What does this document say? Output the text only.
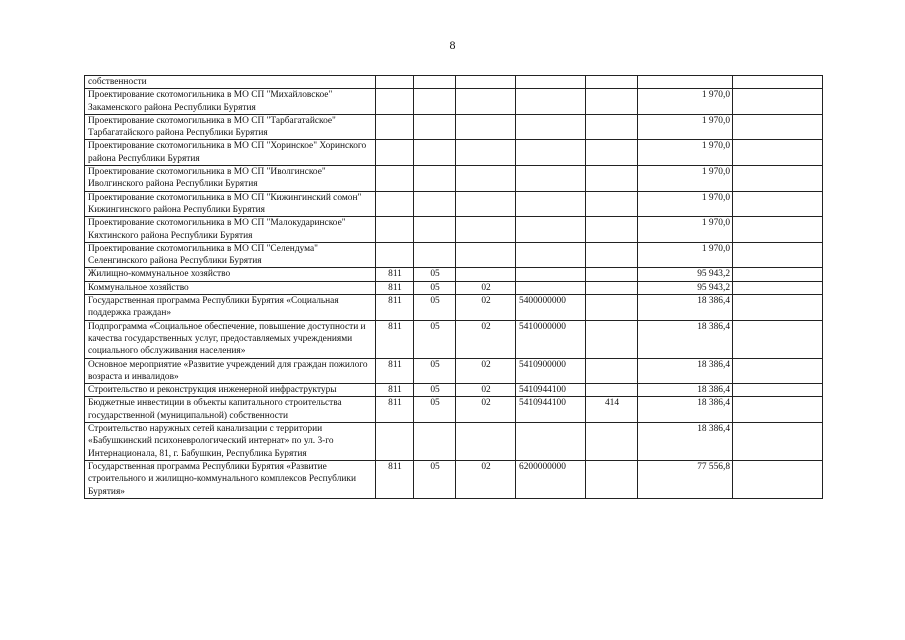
8
собственности							
Проектирование скотомогильника в МО СП "Михайловское" Закаменского района Республики Бурятия						1 970,0	
Проектирование скотомогильника в МО СП "Тарбагатайское" Тарбагатайского района Республики Бурятия						1 970,0	
Проектирование скотомогильника в МО СП "Хоринское" Хоринского района Республики Бурятия						1 970,0	
Проектирование скотомогильника в МО СП "Иволгинское" Иволгинского района Республики Бурятия						1 970,0	
Проектирование скотомогильника в МО СП "Кижингинский сомон" Кижингинского района Республики Бурятия						1 970,0	
Проектирование скотомогильника в МО СП "Малокударинское" Кяхтинского района Республики Бурятия						1 970,0	
Проектирование скотомогильника в МО СП "Селендума" Селенгинского района Республики Бурятия						1 970,0	
Жилищно-коммунальное хозяйство	811	05				95 943,2	
Коммунальное хозяйство	811	05	02			95 943,2	
Государственная программа Республики Бурятия «Социальная поддержка граждан»	811	05	02	5400000000		18 386,4	
Подпрограмма «Социальное обеспечение, повышение доступности и качества государственных услуг, предоставляемых учреждениями социального обслуживания населения»	811	05	02	5410000000		18 386,4	
Основное мероприятие «Развитие учреждений для граждан пожилого возраста и инвалидов»	811	05	02	5410900000		18 386,4	
Строительство и реконструкция инженерной инфраструктуры	811	05	02	5410944100		18 386,4	
Бюджетные инвестиции в объекты капитального строительства государственной (муниципальной) собственности	811	05	02	5410944100	414	18 386,4	
Строительство наружных сетей канализации с территории «Бабушкинский психоневрологический интернат» по ул. 3-го Интернационала, 81, г. Бабушкин, Республика Бурятия						18 386,4	
Государственная программа Республики Бурятия «Развитие строительного и жилищно-коммунального комплексов Республики Бурятия»	811	05	02	6200000000		77 556,8	
